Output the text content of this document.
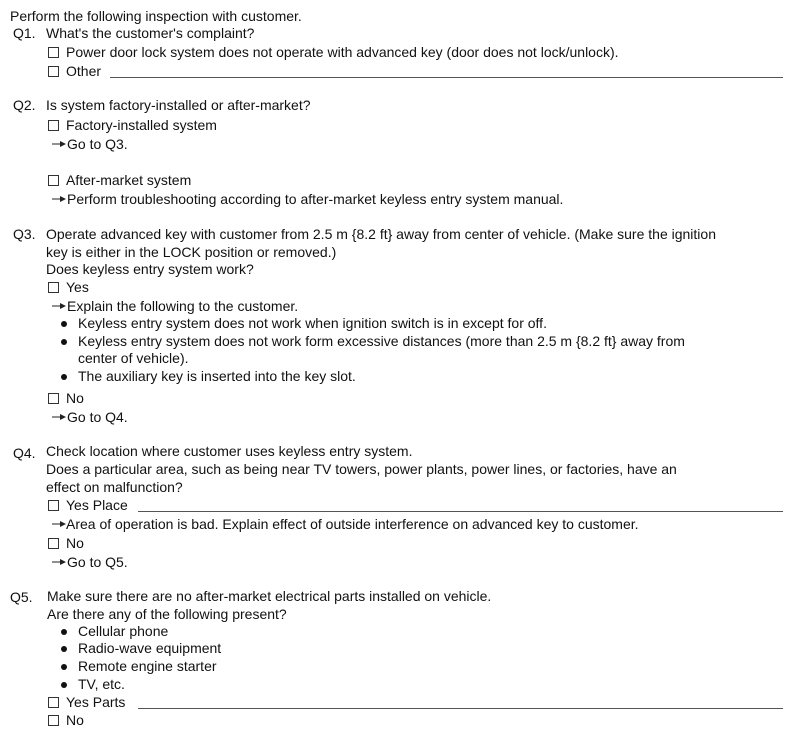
Perform the following inspection with customer.
Q1. What's the customer's complaint?
Power door lock system does not operate with advanced key (door does not lock/unlock).
Other
Q2. Is system factory-installed or after-market?
Factory-installed system
Go to Q3.
After-market system
Perform troubleshooting according to after-market keyless entry system manual.
Q3. Operate advanced key with customer from 2.5 m {8.2 ft} away from center of vehicle. (Make sure the ignition
key is either in the LOCK position or removed.)
Does keyless entry system work?
Yes
Explain the following to the customer.
Keyless entry system does not work when ignition switch is in except for off.
Keyless entry system does not work form excessive distances (more than 2.5 m {8.2 ft} away from
center of vehicle).
The auxiliary key is inserted into the key slot.
No
Go to Q4.
Q4. Check location where customer uses keyless entry system.
Does a particular area, such as being near TV towers, power plants, power lines, or factories, have an
effect on malfunction?
Yes Place
Area of operation is bad. Explain effect of outside interference on advanced key to customer.
No
Go to Q5.
Q5. Make sure there are no after-market electrical parts installed on vehicle.
Are there any of the following present?
Cellular phone
Radio-wave equipment
Remote engine starter
TV, etc.
Yes Parts
No
